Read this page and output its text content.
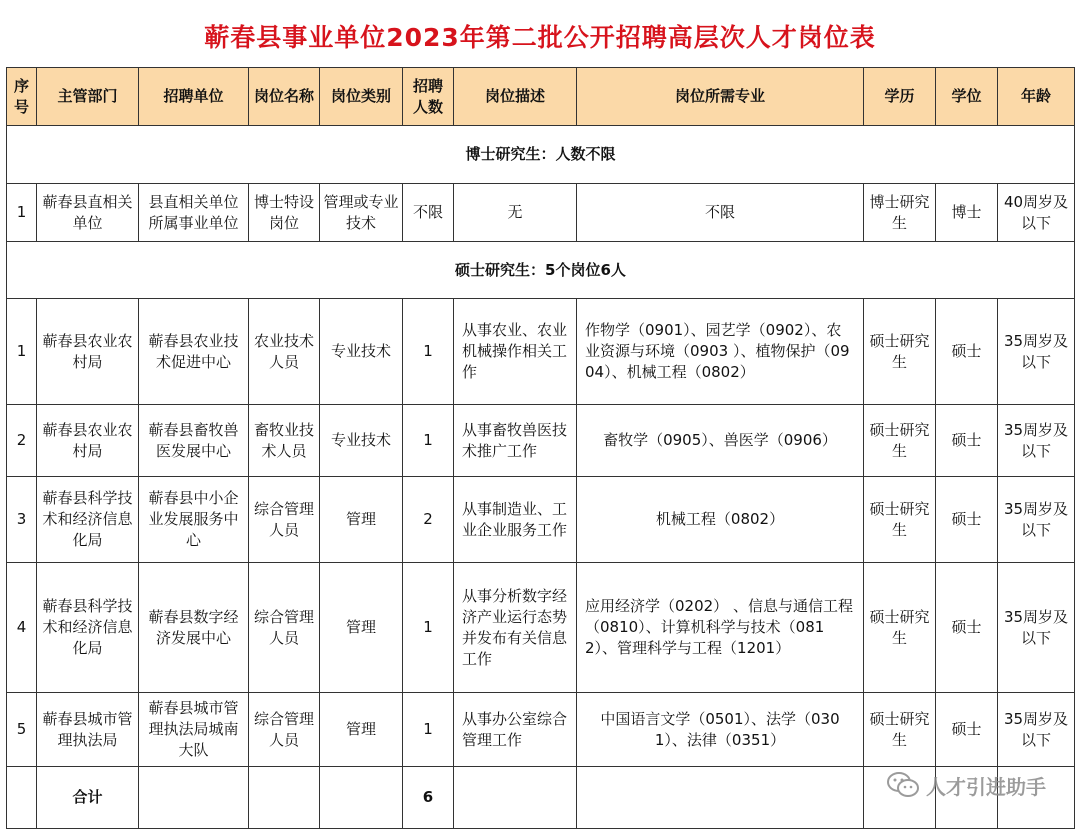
蕲春县事业单位2023年第二批公开招聘高层次人才岗位表
序号	主管部门	招聘单位	岗位名称	岗位类别	招聘人数	岗位描述	岗位所需专业	学历	学位	年龄
博士研究生：人数不限										
1	蕲春县直相关单位	县直相关单位所属事业单位	博士特设岗位	管理或专业技术	不限	无	不限	博士研究生	博士	40周岁及以下
硕士研究生：5个岗位6人										
1	蕲春县农业农村局	蕲春县农业技术促进中心	农业技术人员	专业技术	1	从事农业、农业机械操作相关工作	作物学（0901）、园艺学（0902）、农业资源与环境（0903 ）、植物保护（0904）、机械工程（0802）	硕士研究生	硕士	35周岁及以下
2	蕲春县农业农村局	蕲春县畜牧兽医发展中心	畜牧业技术人员	专业技术	1	从事畜牧兽医技术推广工作	畜牧学（0905）、兽医学（0906）	硕士研究生	硕士	35周岁及以下
3	蕲春县科学技术和经济信息化局	蕲春县中小企业发展服务中心	综合管理人员	管理	2	从事制造业、工业企业服务工作	机械工程（0802）	硕士研究生	硕士	35周岁及以下
4	蕲春县科学技术和经济信息化局	蕲春县数字经济发展中心	综合管理人员	管理	1	从事分析数字经济产业运行态势并发布有关信息工作	应用经济学（0202） 、信息与通信工程（0810）、计算机科学与技术（0812）、管理科学与工程（1201）	硕士研究生	硕士	35周岁及以下
5	蕲春县城市管理执法局	蕲春县城市管理执法局城南大队	综合管理人员	管理	1	从事办公室综合管理工作	中国语言文学（0501）、法学（0301）、法律（0351）	硕士研究生	硕士	35周岁及以下
	合计				6						人才引进助手
